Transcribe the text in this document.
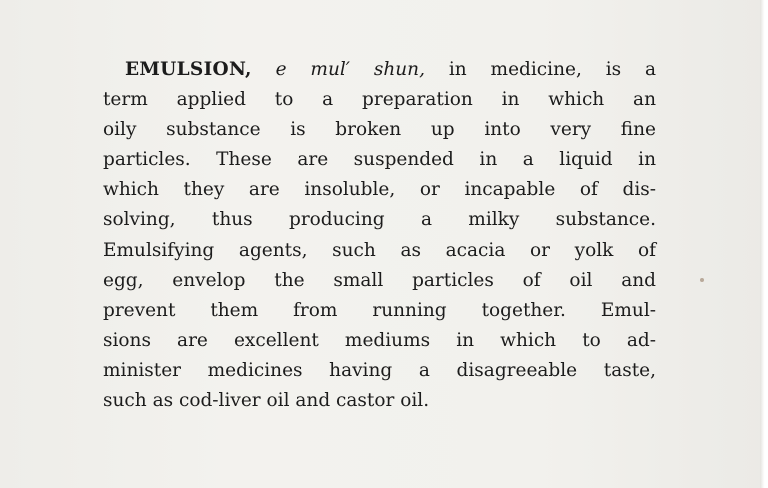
EMULSION, e mul′ shun, in medicine, is a
term applied to a preparation in which an
oily substance is broken up into very fine
particles. These are suspended in a liquid in
which they are insoluble, or incapable of dis-
solving, thus producing a milky substance.
Emulsifying agents, such as acacia or yolk of
egg, envelop the small particles of oil and
prevent them from running together. Emul-
sions are excellent mediums in which to ad-
minister medicines having a disagreeable taste,
such as cod-liver oil and castor oil.
